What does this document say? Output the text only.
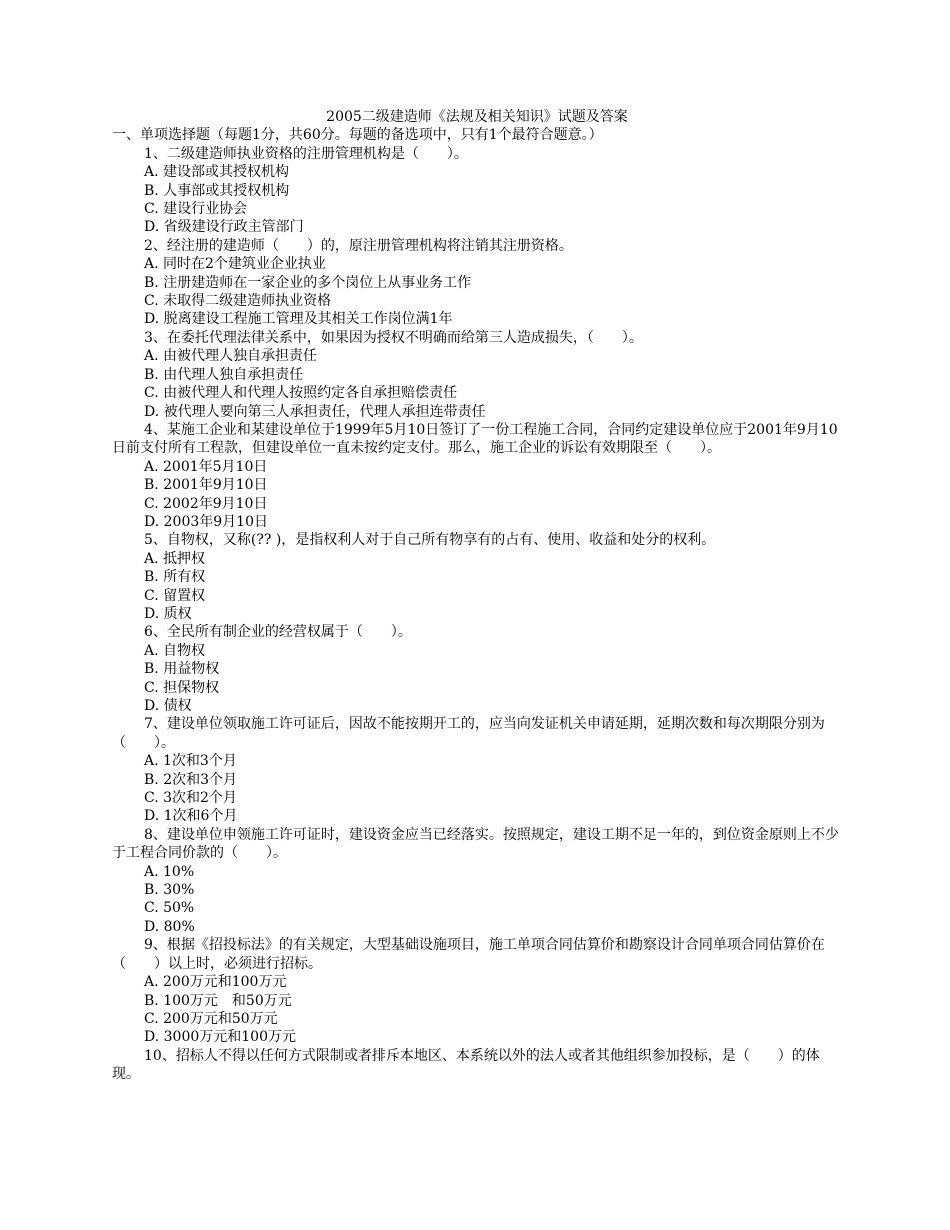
2005二级建造师《法规及相关知识》试题及答案
一、单项选择题（每题1分，共60分。每题的备选项中，只有1个最符合题意。）
1、二级建造师执业资格的注册管理机构是（　　）。
A. 建设部或其授权机构
B. 人事部或其授权机构
C. 建设行业协会
D. 省级建设行政主管部门
2、经注册的建造师（　　）的，原注册管理机构将注销其注册资格。
A. 同时在2个建筑业企业执业
B. 注册建造师在一家企业的多个岗位上从事业务工作
C. 未取得二级建造师执业资格
D. 脱离建设工程施工管理及其相关工作岗位满1年
3、在委托代理法律关系中，如果因为授权不明确而给第三人造成损失，（　　）。
A. 由被代理人独自承担责任
B. 由代理人独自承担责任
C. 由被代理人和代理人按照约定各自承担赔偿责任
D. 被代理人要向第三人承担责任，代理人承担连带责任
4、某施工企业和某建设单位于1999年5月10日签订了一份工程施工合同，合同约定建设单位应于2001年9月10日前支付所有工程款，但建设单位一直未按约定支付。那么，施工企业的诉讼有效期限至（　　）。
A. 2001年5月10日
B. 2001年9月10日
C. 2002年9月10日
D. 2003年9月10日
5、自物权，又称(?? )，是指权利人对于自己所有物享有的占有、使用、收益和处分的权利。
A. 抵押权
B. 所有权
C. 留置权
D. 质权
6、全民所有制企业的经营权属于（　　）。
A. 自物权
B. 用益物权
C. 担保物权
D. 债权
7、建设单位领取施工许可证后，因故不能按期开工的，应当向发证机关申请延期，延期次数和每次期限分别为（　　）。
A. 1次和3个月
B. 2次和3个月
C. 3次和2个月
D. 1次和6个月
8、建设单位申领施工许可证时，建设资金应当已经落实。按照规定，建设工期不足一年的，到位资金原则上不少于工程合同价款的（　　）。
A. 10%
B. 30%
C. 50%
D. 80%
9、根据《招投标法》的有关规定，大型基础设施项目，施工单项合同估算价和勘察设计合同单项合同估算价在（　　）以上时，必须进行招标。
A. 200万元和100万元
B. 100万元　和50万元
C. 200万元和50万元
D. 3000万元和100万元
10、招标人不得以任何方式限制或者排斥本地区、本系统以外的法人或者其他组织参加投标，是（　　）的体现。
